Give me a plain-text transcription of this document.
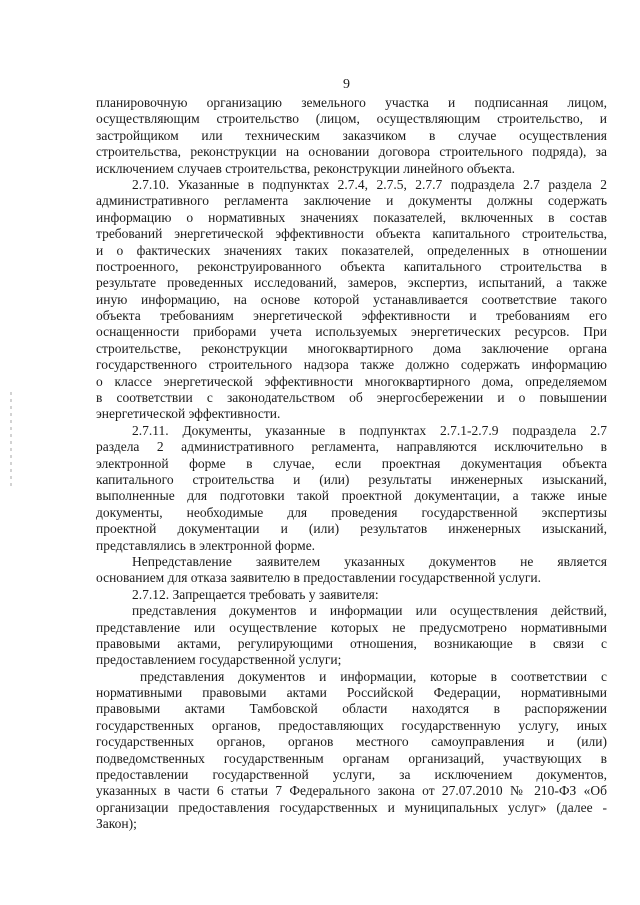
9
планировочную организацию земельного участка и подписанная лицом,
осуществляющим строительство (лицом, осуществляющим строительство, и
застройщиком или техническим заказчиком в случае осуществления
строительства, реконструкции на основании договора строительного подряда), за
исключением случаев строительства, реконструкции линейного объекта.
2.7.10. Указанные в подпунктах 2.7.4, 2.7.5, 2.7.7 подраздела 2.7 раздела 2
административного регламента заключение и документы должны содержать
информацию о нормативных значениях показателей, включенных в состав
требований энергетической эффективности объекта капитального строительства,
и о фактических значениях таких показателей, определенных в отношении
построенного, реконструированного объекта капитального строительства в
результате проведенных исследований, замеров, экспертиз, испытаний, а также
иную информацию, на основе которой устанавливается соответствие такого
объекта требованиям энергетической эффективности и требованиям его
оснащенности приборами учета используемых энергетических ресурсов. При
строительстве, реконструкции многоквартирного дома заключение органа
государственного строительного надзора также должно содержать информацию
о классе энергетической эффективности многоквартирного дома, определяемом
в соответствии с законодательством об энергосбережении и о повышении
энергетической эффективности.
2.7.11. Документы, указанные в подпунктах 2.7.1-2.7.9 подраздела 2.7
раздела 2 административного регламента, направляются исключительно в
электронной форме в случае, если проектная документация объекта
капитального строительства и (или) результаты инженерных изысканий,
выполненные для подготовки такой проектной документации, а также иные
документы, необходимые для проведения государственной экспертизы
проектной документации и (или) результатов инженерных изысканий,
представлялись в электронной форме.
Непредставление заявителем указанных документов не является
основанием для отказа заявителю в предоставлении государственной услуги.
2.7.12. Запрещается требовать у заявителя:
представления документов и информации или осуществления действий,
представление или осуществление которых не предусмотрено нормативными
правовыми актами, регулирующими отношения, возникающие в связи с
предоставлением государственной услуги;
представления документов и информации, которые в соответствии с
нормативными правовыми актами Российской Федерации, нормативными
правовыми актами Тамбовской области находятся в распоряжении
государственных органов, предоставляющих государственную услугу, иных
государственных органов, органов местного самоуправления и (или)
подведомственных государственным органам организаций, участвующих в
предоставлении государственной услуги, за исключением документов,
указанных в части 6 статьи 7 Федерального закона от 27.07.2010 № 210-ФЗ «Об
организации предоставления государственных и муниципальных услуг» (далее -
Закон);
